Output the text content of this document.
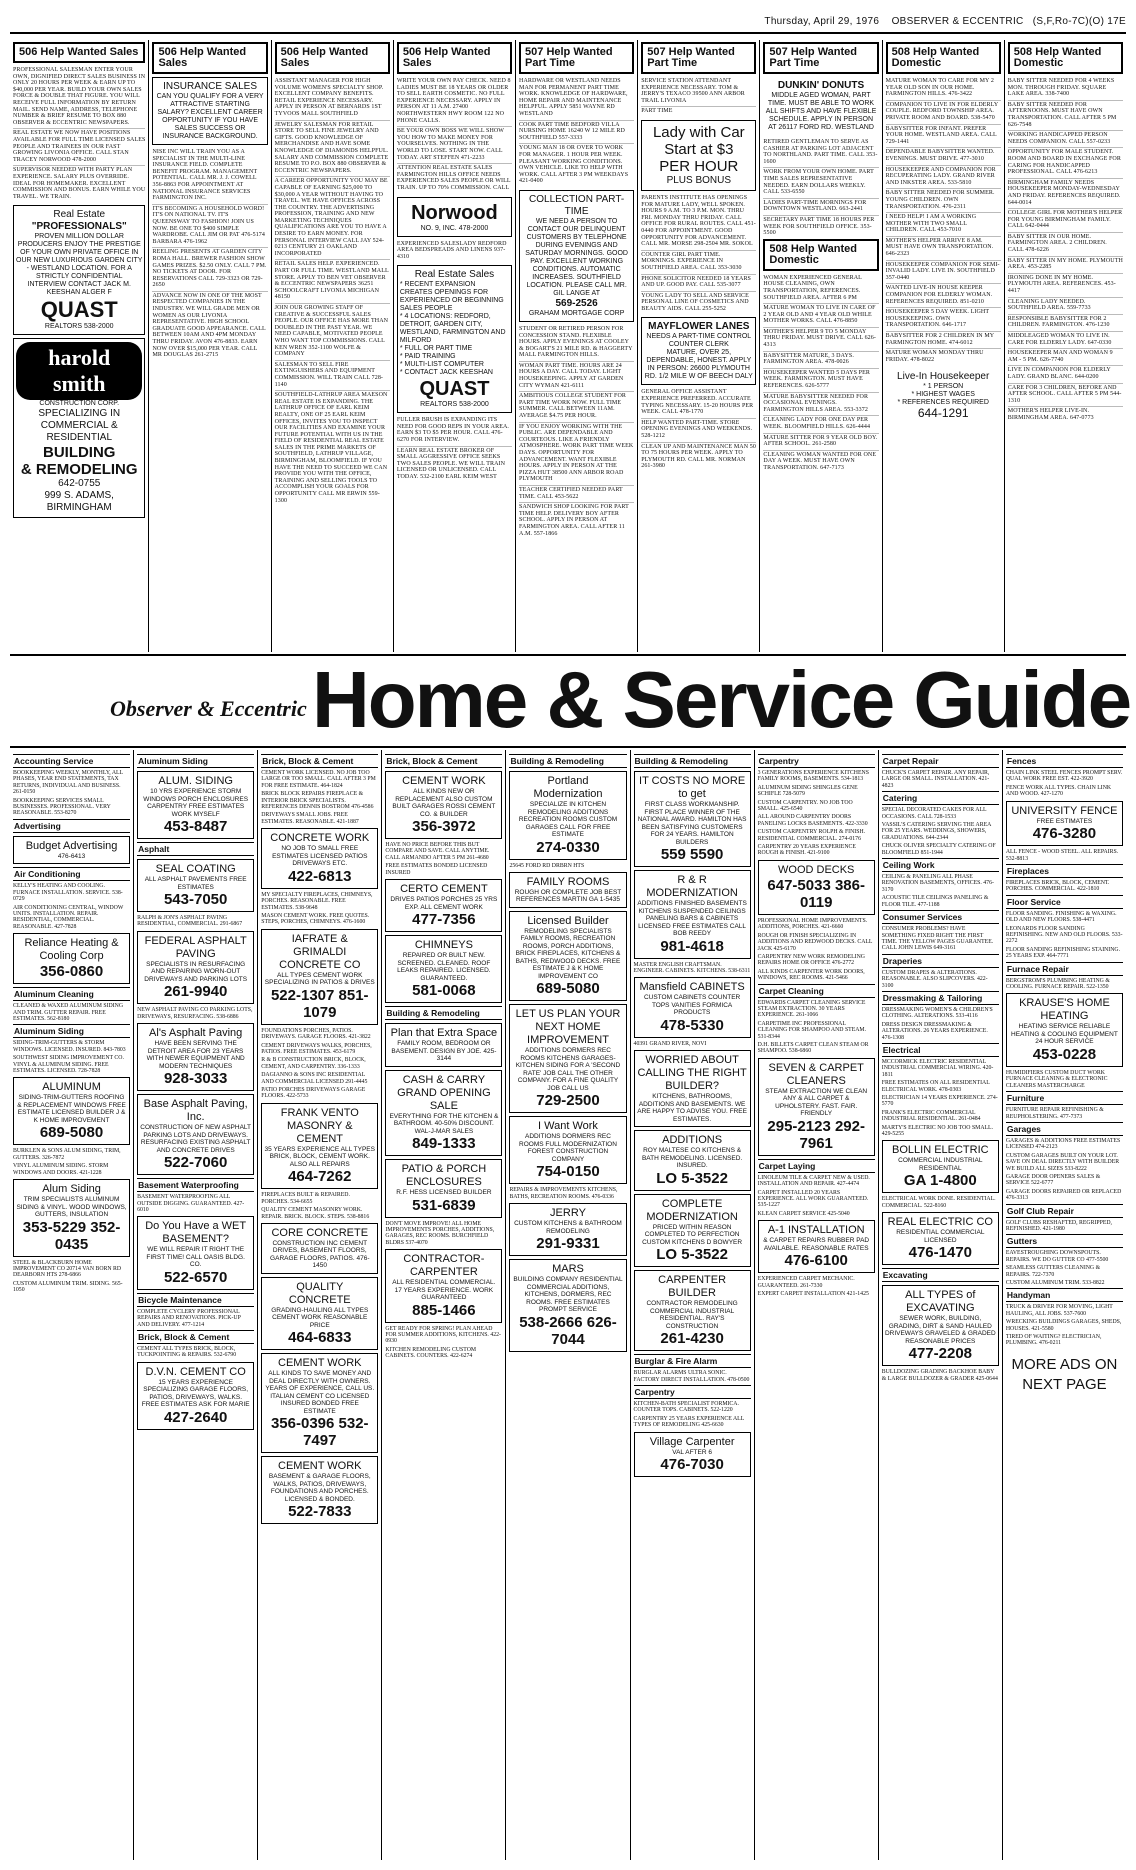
Thursday, April 29, 1976 OBSERVER & ECCENTRIC (S,F,Ro-7C)(O) 17E
506 Help Wanted Sales

PROFESSIONAL SALESMAN ENTER YOUR OWN, DIGNIFIED DIRECT SALES BUSINESS IN ONLY 20 HOURS PER WEEK & EARN UP TO $40,000 PER YEAR. BUILD YOUR OWN SALES FORCE & DOUBLE THAT FIGURE. YOU WILL RECEIVE FULL INFORMATION BY RETURN MAIL. SEND NAME, ADDRESS, TELEPHONE NUMBER & BRIEF RESUME TO BOX 880 OBSERVER & ECCENTRIC NEWSPAPERS.

REAL ESTATE WE NOW HAVE POSITIONS AVAILABLE FOR FULL TIME LICENSED SALES PEOPLE AND TRAINEES IN OUR FAST GROWING LIVONIA OFFICE. CALL STAN TRACEY NORWOOD 478-2000

SUPERVISOR NEEDED WITH PARTY PLAN EXPERIENCE. SALARY PLUS OVERRIDE. IDEAL FOR HOMEMAKER. EXCELLENT COMMISSION AND BONUS. EARN WHILE YOU TRAVEL. WE TRAIN.

Real Estate
"PROFESSIONALS"
PROVEN MILLION DOLLAR PRODUCERS ENJOY THE PRESTIGE OF YOUR OWN PRIVATE OFFICE IN OUR NEW LUXURIOUS GARDEN CITY - WESTLAND LOCATION. FOR A STRICTLY CONFIDENTIAL INTERVIEW CONTACT JACK M. KEESHAN ALGER F
QUAST
REALTORS 538-2000
harold smith
CONSTRUCTION CORP.
SPECIALIZING IN
COMMERCIAL & RESIDENTIAL
BUILDING
& REMODELING
642-0755
999 S. ADAMS, BIRMINGHAM
506 Help Wanted Sales
INSURANCE SALES
CAN YOU QUALIFY FOR A VERY ATTRACTIVE STARTING SALARY? EXCELLENT CAREER OPPORTUNITY IF YOU HAVE SALES SUCCESS OR INSURANCE BACKGROUND.

NISE INC WILL TRAIN YOU AS A SPECIALIST IN THE MULTI-LINE INSURANCE FIELD. COMPLETE BENEFIT PROGRAM. MANAGEMENT POTENTIAL. CALL MR. J. J. COWELL 356-8863 FOR APPOINTMENT AT NATIONAL INSURANCE SERVICES FARMINGTON INC.

IT'S BECOMING A HOUSEHOLD WORD! IT'S ON NATIONAL TV. IT'S QUEENSWAY TO FASHION! JOIN US NOW. BE ONE TO $400 SIMPLE WARDROBE. CALL JIM OR PAT 476-5174 BARBARA 476-1962

REELING PRESENTS AT GARDEN CITY ROMA HALL. BREWER FASHION SHOW GAMES PRIZES. $2.50 ONLY. CALL 7 PM. NO TICKETS AT DOOR. FOR RESERVATIONS CALL 729-3323 OR 729-2650

ADVANCE NOW IN ONE OF THE MOST RESPECTED COMPANIES IN THE INDUSTRY. WE WILL GRADE MEN OR WOMEN AS OUR LIVONIA REPRESENTATIVE. HIGH SCHOOL GRADUATE GOOD APPEARANCE. CALL BETWEEN 10AM AND 4PM MONDAY THRU FRIDAY. AVON 476-8833. EARN NOW OVER $15,000 PER YEAR. CALL MR DOUGLAS 261-2715

506 Help Wanted Sales

ASSISTANT MANAGER FOR HIGH VOLUME WOMEN'S SPECIALTY SHOP. EXCELLENT COMPANY BENEFITS. RETAIL EXPERIENCE NECESSARY. APPLY IN PERSON AT BERNARDS 1ST TYVOOS MALL SOUTHFIELD

JEWELRY SALESMAN FOR RETAIL STORE TO SELL FINE JEWELRY AND GIFTS. GOOD KNOWLEDGE OF MERCHANDISE AND HAVE SOME KNOWLEDGE OF DIAMONDS HELPFUL. SALARY AND COMMISSION COMPLETE RESUME TO P.O. BOX 880 OBSERVER & ECCENTRIC NEWSPAPERS.

A CAREER OPPORTUNITY YOU MAY BE CAPABLE OF EARNING $25,000 TO $30,000 A YEAR WITHOUT HAVING TO TRAVEL. WE HAVE OFFICES ACROSS THE COUNTRY. THE ADVERTISING PROFESSION, TRAINING AND NEW MARKETING TECHNIQUES QUALIFICATIONS ARE YOU TO HAVE A DESIRE TO EARN MONEY. FOR PERSONAL INTERVIEW CALL JAY 524-0213 CENTURY 21 OAKLAND INCORPORATED

RETAIL SALES HELP. EXPERIENCED. PART OR FULL TIME. WESTLAND MALL STORE. APPLY TO BEN VET OBSERVER & ECCENTRIC NEWSPAPERS 36251 SCHOOLCRAFT LIVONIA MICHIGAN 48150

JOIN OUR GROWING STAFF OF CREATIVE & SUCCESSFUL SALES PEOPLE. OUR OFFICE HAS MORE THAN DOUBLED IN THE PAST YEAR. WE NEED CAPABLE, MOTIVATED PEOPLE WHO WANT TOP COMMISSIONS. CALL KEN WREN 352-1100 WOLFE & COMPANY

SALESMAN TO SELL FIRE EXTINGUISHERS AND EQUIPMENT COMMISSION. WILL TRAIN CALL 728-1140

SOUTHFIELD-LATHRUP AREA MAESON REAL ESTATE IS EXPANDING. THE LATHRUP OFFICE OF EARL KEIM REALTY, ONE OF 25 EARL KEIM OFFICES, INVITES YOU TO INSPECT OUR FACILITIES AND EXAMINE YOUR FUTURE POTENTIAL WITH US IN THE FIELD OF RESIDENTIAL REAL ESTATE SALES IN THE PRIME MARKETS OF SOUTHFIELD, LATHRUP VILLAGE, BIRMINGHAM, BLOOMFIELD. IF YOU HAVE THE NEED TO SUCCEED WE CAN PROVIDE YOU WITH THE OFFICE, TRAINING AND SELLING TOOLS TO ACCOMPLISH YOUR GOALS FOR OPPORTUNITY CALL MR ERWIN 559-1300

506 Help Wanted Sales

WRITE YOUR OWN PAY CHECK. NEED 8 LADIES MUST BE 18 YEARS OR OLDER TO SELL EARTH COSMETIC. NO FULL EXPERIENCE NECESSARY. APPLY IN PERSON AT 11 A.M. 27400 NORTHWESTERN HWY ROOM 122 NO PHONE CALLS.

BE YOUR OWN BOSS WE WILL SHOW YOU HOW TO MAKE MONEY FOR YOURSELVES. NOTHING IN THE WORLD TO LOSE. START NOW. CALL TODAY. ART STEFFEN 471-2233

ATTENTION REAL ESTATE SALES FARMINGTON HILLS OFFICE NEEDS EXPERIENCED SALES PEOPLE OR WILL TRAIN. UP TO 70% COMMISSION. CALL

Norwood
NO. 9, INC. 478-2000
EXPERIENCED SALESLADY REDFORD AREA BEDSPREADS AND LINENS 937-4310
Real Estate Sales
* RECENT EXPANSION CREATES OPENINGS FOR EXPERIENCED OR BEGINNING SALES PEOPLE
* 4 LOCATIONS: REDFORD, DETROIT, GARDEN CITY, WESTLAND, FARMINGTON AND MILFORD
* FULL OR PART TIME
* PAID TRAINING
* MULTI-LIST COMPUTER
* CONTACT JACK KEESHAN
QUAST
REALTORS 538-2000

FULLER BRUSH IS EXPANDING ITS NEED FOR GOOD REPS IN YOUR AREA. EARN $3 TO $5 PER HOUR. CALL 476-6270 FOR INTERVIEW.

LEARN REAL ESTATE BROKER OF SMALL AGGRESSIVE OFFICE SEEKS TWO SALES PEOPLE. WE WILL TRAIN LICENSED OR UNLICENSED. CALL TODAY. 532-2100 EARL KEIM WEST

507 Help Wanted Part Time

HARDWARE OR WESTLAND NEEDS MAN FOR PERMANENT PART TIME WORK. KNOWLEDGE OF HARDWARE, HOME REPAIR AND MAINTENANCE HELPFUL. APPLY 5851 WAYNE RD WESTLAND

COOK PART TIME BEDFORD VILLA NURSING HOME 16240 W 12 MILE RD SOUTHFIELD 557-3333

YOUNG MAN 18 OR OVER TO WORK FOR MANAGER. 1 HOUR PER WEEK. PLEASANT WORKING CONDITIONS. OWN VEHICLE. LIKE TO HELP WITH WORK. CALL AFTER 3 PM WEEKDAYS 421-0400

COLLECTION PART-TIME
WE NEED A PERSON TO CONTACT OUR DELINQUENT CUSTOMERS BY TELEPHONE DURING EVENINGS AND SATURDAY MORNINGS. GOOD PAY. EXCELLENT WORKING CONDITIONS. AUTOMATIC INCREASES. SOUTHFIELD LOCATION. PLEASE CALL MR. GIL LANGE AT
569-2526
GRAHAM MORTGAGE CORP

STUDENT OR RETIRED PERSON FOR CONCESSION STAND. FLEXIBLE HOURS. APPLY EVENINGS AT COOLEY & BOGART'S 21 MILE RD. & HAGGERTY MALL FARMINGTON HILLS.

WOMAN PART TIME. HOURS ARE 24 HOURS A DAY. CALL TODAY. LIGHT HOUSEKEEPING. APPLY AT GARDEN CITY WYMAN 421-6111

AMBITIOUS COLLEGE STUDENT FOR PART TIME WORK NOW. FULL TIME SUMMER. CALL BETWEEN 11AM. AVERAGE $4.75 PER HOUR.

IF YOU ENJOY WORKING WITH THE PUBLIC. ARE DEPENDABLE AND COURTEOUS. LIKE A FRIENDLY ATMOSPHERE. WORK PART TIME WEEK DAYS. OPPORTUNITY FOR ADVANCEMENT. WANT FLEXIBLE HOURS. APPLY IN PERSON AT THE PIZZA HUT 38500 ANN ARBOR ROAD PLYMOUTH

TEACHER CERTIFIED NEEDED PART TIME. CALL 453-5622

SANDWICH SHOP LOOKING FOR PART TIME HELP. DELIVERY BOY AFTER SCHOOL. APPLY IN PERSON AT FARMINGTON AREA. CALL AFTER 11 A.M. 557-1866

507 Help Wanted Part Time

SERVICE STATION ATTENDANT EXPERIENCE NECESSARY. TOM & JERRY'S TEXACO 39500 ANN ARBOR TRAIL LIVONIA

PART TIME

Lady with Car
Start at $3
PER HOUR
PLUS BONUS

PARENTS INSTITUTE HAS OPENINGS FOR MATURE LADY, WELL SPOKEN. HOURS 9 A.M. TO 3 P.M. MON. THRU FRI. MONDAY THRU FRIDAY. CALL OFFICE FOR RURAL ROUTES. CALL 451-0440 FOR APPOINTMENT. GOOD OPPORTUNITY FOR ADVANCEMENT. CALL MR. MORSE 298-2504 MR. SOKOL

COUNTER GIRL PART TIME. MORNINGS. EXPERIENCE IN SOUTHFIELD AREA. CALL 353-3030

PHONE SOLICITOR NEEDED 18 YEARS AND UP. GOOD PAY. CALL 535-3077

YOUNG LADY TO SELL AND SERVICE PERSONAL LINE OF COSMETICS AND BEAUTY AIDS. CALL 255-5252

MAYFLOWER LANES
NEEDS A PART-TIME CONTROL COUNTER CLERK
MATURE, OVER 25, DEPENDABLE, HONEST. APPLY IN PERSON: 26600 PLYMOUTH RD. 1/2 MILE W OF BEECH DALY

GENERAL OFFICE ASSISTANT EXPERIENCE PREFERRED. ACCURATE TYPING NECESSARY. 15-20 HOURS PER WEEK. CALL 478-1770

HELP WANTED PART-TIME. STORE OPENING EVENINGS AND WEEKENDS. 528-1212

CLEAN UP AND MAINTENANCE MAN 50 TO 75 HOURS PER WEEK. APPLY TO PLYMOUTH RD. CALL MR. NORMAN 261-3980

507 Help Wanted Part Time
DUNKIN' DONUTS
MIDDLE AGED WOMAN, PART TIME. MUST BE ABLE TO WORK ALL SHIFTS AND HAVE FLEXIBLE SCHEDULE. APPLY IN PERSON AT 26117 FORD RD. WESTLAND

RETIRED GENTLEMAN TO SERVE AS CASHIER AT PARKING LOT ADJACENT TO NORTHLAND. PART TIME. CALL 353-1600

WORK FROM YOUR OWN HOME. PART TIME SALES REPRESENTATIVE NEEDED. EARN DOLLARS WEEKLY. CALL 533-6550

LADIES PART-TIME MORNINGS FOR DOWNTOWN WESTLAND. 663-2441

SECRETARY PART TIME 18 HOURS PER WEEK FOR SOUTHFIELD OFFICE. 353-5500

508 Help Wanted Domestic

WOMAN EXPERIENCED GENERAL HOUSE CLEANING, OWN TRANSPORTATION, REFERENCES. SOUTHFIELD AREA. AFTER 6 PM

MATURE WOMAN TO LIVE IN CARE OF 2 YEAR OLD AND 4 YEAR OLD WHILE MOTHER WORKS. CALL 476-8850

MOTHER'S HELPER 9 TO 5 MONDAY THRU FRIDAY. MUST DRIVE. CALL 626-4313

BABYSITTER MATURE, 3 DAYS. FARMINGTON AREA. 478-0026

HOUSEKEEPER WANTED 5 DAYS PER WEEK. FARMINGTON. MUST HAVE REFERENCES. 626-5777

MATURE BABYSITTER NEEDED FOR OCCASIONAL EVENINGS. FARMINGTON HILLS AREA. 553-3372

CLEANING LADY FOR ONE DAY PER WEEK. BLOOMFIELD HILLS. 626-4444

MATURE SITTER FOR 9 YEAR OLD BOY. AFTER SCHOOL. 261-2580

CLEANING WOMAN WANTED FOR ONE DAY A WEEK. MUST HAVE OWN TRANSPORTATION. 647-7173

508 Help Wanted Domestic

MATURE WOMAN TO CARE FOR MY 2 YEAR OLD SON IN OUR HOME. FARMINGTON HILLS. 476-3422

COMPANION TO LIVE IN FOR ELDERLY COUPLE. REDFORD TOWNSHIP AREA. PRIVATE ROOM AND BOARD. 538-5470

BABYSITTER FOR INFANT. PREFER YOUR HOME. WESTLAND AREA. CALL 729-1441

DEPENDABLE BABYSITTER WANTED. EVENINGS. MUST DRIVE. 477-3010

HOUSEKEEPER AND COMPANION FOR RECUPERATING LADY. GRAND RIVER AND INKSTER AREA. 533-5810

BABY SITTER NEEDED FOR SUMMER. YOUNG CHILDREN. OWN TRANSPORTATION. 476-2311

I NEED HELP! I AM A WORKING MOTHER WITH TWO SMALL CHILDREN. CALL 453-7010

MOTHER'S HELPER ARRIVE 8 AM. MUST HAVE OWN TRANSPORTATION. 646-2323

HOUSEKEEPER COMPANION FOR SEMI-INVALID LADY. LIVE IN. SOUTHFIELD 357-0440

WANTED LIVE-IN HOUSE KEEPER COMPANION FOR ELDERLY WOMAN. REFERENCES REQUIRED. 851-0210

HOUSEKEEPER 5 DAY WEEK. LIGHT HOUSEKEEPING. OWN TRANSPORTATION. 646-1717

BABYSITTER FOR 2 CHILDREN IN MY FARMINGTON HOME. 474-6012

MATURE WOMAN MONDAY THRU FRIDAY. 478-8022

Live-In Housekeeper
* 1 PERSON
* HIGHEST WAGES
* REFERENCES REQUIRED
644-1291
508 Help Wanted Domestic

BABY SITTER NEEDED FOR 4 WEEKS MON. THROUGH FRIDAY. SQUARE LAKE AREA. 338-7400

BABY SITTER NEEDED FOR AFTERNOONS. MUST HAVE OWN TRANSPORTATION. CALL AFTER 5 PM 626-7548

WORKING HANDICAPPED PERSON NEEDS COMPANION. CALL 557-0233

OPPORTUNITY FOR MALE STUDENT. ROOM AND BOARD IN EXCHANGE FOR CARING FOR HANDICAPPED PROFESSIONAL. CALL 476-6213

BIRMINGHAM FAMILY NEEDS HOUSEKEEPER MONDAY-WEDNESDAY AND FRIDAY. REFERENCES REQUIRED. 644-0014

COLLEGE GIRL FOR MOTHER'S HELPER FOR YOUNG BIRMINGHAM FAMILY. CALL 642-0444

BABY SITTER IN OUR HOME. FARMINGTON AREA. 2 CHILDREN. CALL 478-6226

BABY SITTER IN MY HOME. PLYMOUTH AREA. 453-2285

IRONING DONE IN MY HOME. PLYMOUTH AREA. REFERENCES. 453-4417

CLEANING LADY NEEDED. SOUTHFIELD AREA. 559-7733

RESPONSIBLE BABYSITTER FOR 2 CHILDREN. FARMINGTON. 476-1230

MIDDLEAGED WOMAN TO LIVE IN. CARE FOR ELDERLY LADY. 647-0330

HOUSEKEEPER MAN AND WOMAN 9 AM - 5 PM. 626-7740

LIVE IN COMPANION FOR ELDERLY LADY. GRAND BLANC. 644-0200

CARE FOR 3 CHILDREN, BEFORE AND AFTER SCHOOL. CALL AFTER 5 PM 544-1310

MOTHER'S HELPER LIVE-IN. BIRMINGHAM AREA. 647-0773

Observer & Eccentric Home & Service Guide
Accounting Service

BOOKKEEPING WEEKLY, MONTHLY, ALL PHASES, YEAR END STATEMENTS, TAX RETURNS, INDIVIDUAL AND BUSINESS. 261-0150

BOOKKEEPING SERVICES SMALL BUSINESSES. PROFESSIONAL. VERY REASONABLE. 553-8270

Advertising
Budget Advertising
476-6413
Air Conditioning

KELLY'S HEATING AND COOLING. FURNACE INSTALLATION. SERVICE. 538-0729

AIR CONDITIONING CENTRAL, WINDOW UNITS. INSTALLATION. REPAIR. RESIDENTIAL, COMMERCIAL. REASONABLE. 427-7828

Reliance Heating & Cooling Corp
356-0860
Aluminum Cleaning

CLEANED & WAXED ALUMINUM SIDING AND TRIM. GUTTER REPAIR. FREE ESTIMATES. 562-8180

Aluminum Siding

SIDING-TRIM-GUTTERS & STORM WINDOWS. LICENSED. INSURED. 843-7803

SOUTHWEST SIDING IMPROVEMENT CO. VINYL & ALUMINUM SIDING. FREE ESTIMATES. LICENSED. 728-7828

ALUMINUM
SIDING-TRIM-GUTTERS ROOFING & REPLACEMENT WINDOWS FREE ESTIMATE LICENSED BUILDER J & K HOME IMPROVEMENT
689-5080

BURKLEN & SONS ALUM SIDING, TRIM, GUTTERS. 326-7872

VINYL ALUMINUM SIDING. STORM WINDOWS AND DOORS. 421-1228

Alum Siding
TRIM SPECIALISTS ALUMINUM SIDING & VINYL. WOOD WINDOWS, GUTTERS, INSULATION
353-5229 352-0435

STEEL & BLACKBURN HOME IMPROVEMENT CO 20714 VAN BORN RD DEARBORN HTS 278-6866

CUSTOM ALUMINUM TRIM. SIDING. 565-1050

Aluminum Siding
ALUM. SIDING
10 YRS EXPERIENCE STORM WINDOWS PORCH ENCLOSURES CARPENTRY FREE ESTIMATES WORK MYSELF
453-8487
Asphalt
SEAL COATING
ALL ASPHALT PAVEMENTS FREE ESTIMATES
543-7050

RALPH & JON'S ASPHALT PAVING RESIDENTIAL, COMMERCIAL. 291-6867

FEDERAL ASPHALT PAVING
SPECIALISTS IN RESURFACING AND REPAIRING WORN-OUT DRIVEWAYS AND PARKING LOTS
261-9940

NEW ASPHALT PAVING CO PARKING LOTS, DRIVEWAYS, RESURFACING. 538-6886

Al's Asphalt Paving
HAVE BEEN SERVING THE DETROIT AREA FOR 23 YEARS WITH NEWER EQUIPMENT AND MODERN TECHNIQUES
928-3033
Base Asphalt Paving, Inc.
CONSTRUCTION OF NEW ASPHALT PARKING LOTS AND DRIVEWAYS. RESURFACING EXISTING ASPHALT AND CONCRETE DRIVES
522-7060
Basement Waterproofing

BASEMENT WATERPROOFING ALL OUTSIDE DIGGING. GUARANTEED. 427-6010

Do You Have a WET BASEMENT?
WE WILL REPAIR IT RIGHT THE FIRST TIME! CALL OASIS BLDG. CO.
522-6570
Bicycle Maintenance

COMPLETE CYCLERY PROFESSIONAL REPAIRS AND RENOVATIONS. PICK-UP AND DELIVERY. 477-1214

Brick, Block & Cement

CEMENT ALL TYPES BRICK, BLOCK, TUCKPOINTING & REPAIRS. 532-6790

D.V.N. CEMENT CO
15 YEARS EXPERIENCE SPECIALIZING GARAGE FLOORS, PATIOS, DRIVEWAYS, WALKS. FREE ESTIMATES ASK FOR MARIE
427-2640
Brick, Block & Cement

CEMENT WORK LICENSED. NO JOB TOO LARGE OR TOO SMALL. CALL AFTER 3 PM FOR FREE ESTIMATE. 464-1824

BRICK BLOCK REPAIRS FIREPLACE & INTERIOR BRICK SPECIALISTS. REFERENCES DENNIS BOSTROM 476-4586

DRIVEWAYS SMALL JOBS. FREE ESTIMATES. REASONABLE. 421-1887

CONCRETE WORK
NO JOB TO SMALL FREE ESTIMATES LICENSED PATIOS DRIVEWAYS ETC.
422-6813

MY SPECIALTY FIREPLACES, CHIMNEYS, PORCHES. REASONABLE. FREE ESTIMATES. 538-9648

MASON CEMENT WORK. FREE QUOTES. STEPS, PORCHES, CHIMNEYS. 476-1600

IAFRATE & GRIMALDI CONCRETE CO
ALL TYPES CEMENT WORK SPECIALIZING IN PATIOS & DRIVES
522-1307 851-1079

FOUNDATIONS PORCHES, PATIOS. DRIVEWAYS. GARAGE FLOORS. 421-3822

CEMENT DRIVEWAYS WALKS, PORCHES, PATIOS. FREE ESTIMATES. 453-6179

R & B CONSTRUCTION BRICK, BLOCK, CEMENT, AND CARPENTRY. 336-1333

DAGIANNO & SONS INC RESIDENTIAL AND COMMERCIAL LICENSED 291-4445

PATIO PORCHES DRIVEWAYS GARAGE FLOORS. 422-5733

FRANK VENTO MASONRY & CEMENT
35 YEARS EXPERIENCE ALL TYPES BRICK, BLOCK, CEMENT WORK. ALSO ALL REPAIRS
464-7262

FIREPLACES BUILT & REPAIRED. PORCHES. 534-6655

QUALITY CEMENT MASONRY WORK. REPAIR. BRICK. BLOCK. STEPS. 538-8816

CORE CONCRETE
CONSTRUCTION INC CEMENT DRIVES, BASEMENT FLOORS, GARAGE FLOORS, PATIOS. 476-1450
QUALITY CONCRETE
GRADING-HAULING ALL TYPES CEMENT WORK REASONABLE PRICE
464-6833
CEMENT WORK
ALL KINDS TO SAVE MONEY AND DEAL DIRECTLY WITH OWNERS. YEARS OF EXPERIENCE, CALL US. ITALIAN CEMENT CO LICENSED INSURED BONDED FREE ESTIMATE
356-0396 532-7497
CEMENT WORK
BASEMENT & GARAGE FLOORS, WALKS, PATIOS, DRIVEWAYS, FOUNDATIONS AND PORCHES. LICENSED & BONDED.
522-7833
Brick, Block & Cement
CEMENT WORK
ALL KINDS NEW OR REPLACEMENT ALSO CUSTOM BUILT GARAGES ROSSI CEMENT CO. & BUILDER
356-3972

HAVE NO PRICE BEFORE THIS BUT COMPARE AND SAVE. CALL ANYTIME. CALL ARMANDO AFTER 5 PM 261-4680

FREE ESTIMATES BONDED LICENSED INSURED

CERTO CEMENT
DRIVES PATIOS PORCHES 25 YRS EXP. ALL CEMENT WORK
477-7356
CHIMNEYS
REPAIRED OR BUILT NEW. SCREENED. CLEANED. ROOF LEAKS REPAIRED. LICENSED. GUARANTEED.
581-0068
Building & Remodeling
Plan that Extra Space
FAMILY ROOM, BEDROOM OR BASEMENT. DESIGN BY JOE. 425-3144
CASH & CARRY GRAND OPENING SALE
EVERYTHING FOR THE KITCHEN & BATHROOM. 40-50% DISCOUNT. WAL-J-MAR SALES
849-1333
PATIO & PORCH ENCLOSURES
R.F. HESS LICENSED BUILDER
531-6839

DON'T MOVE IMPROVE! ALL HOME IMPROVEMENTS PORCHES, ADDITIONS, GARAGES, REC ROOMS. BURCHFIELD BLDRS 537-4070

CONTRACTOR-CARPENTER
ALL RESIDENTIAL COMMERCIAL. 17 YEARS EXPERIENCE. WORK GUARANTEED
885-1466

GET READY FOR SPRING! PLAN AHEAD FOR SUMMER ADDITIONS, KITCHENS. 422-0930

KITCHEN REMODELING CUSTOM CABINETS. COUNTERS. 422-6274

Building & Remodeling
Portland Modernization
SPECIALIZE IN KITCHEN REMODELING ADDITIONS RECREATION ROOMS CUSTOM GARAGES CALL FOR FREE ESTIMATE
274-0330

25645 FORD RD DRBRN HTS

FAMILY ROOMS
ROUGH OR COMPLETE JOB BEST REFERENCES MARTIN GA 1-5435
Licensed Builder
REMODELING SPECIALISTS FAMILY ROOMS, RECREATION ROOMS, PORCH ADDITIONS, BRICK FIREPLACES, KITCHENS & BATHS, REDWOOD DECKS. FREE ESTIMATE J & K HOME IMPROVEMENT CO
689-5080
LET US PLAN YOUR NEXT HOME IMPROVEMENT
ADDITIONS DORMERS REC ROOMS KITCHENS GARAGES-KITCHEN SIDING FOR A 'SECOND RATE' JOB CALL THE OTHER COMPANY. FOR A FINE QUALITY JOB CALL US
729-2500
I Want Work
ADDITIONS DORMERS REC ROOMS FULL MODERNIZATION FOREST CONSTRUCTION COMPANY
754-0150

REPAIRS & IMPROVEMENTS KITCHENS, BATHS, RECREATION ROOMS. 476-0336

JERRY
CUSTOM KITCHENS & BATHROOM REMODELING
291-9331
MARS
BUILDING COMPANY RESIDENTIAL COMMERCIAL ADDITIONS, KITCHENS, DORMERS, REC ROOMS. FREE ESTIMATES PROMPT SERVICE
538-2666 626-7044
Building & Remodeling
IT COSTS NO MORE to get
FIRST CLASS WORKMANSHIP. FIRST PLACE WINNER OF THE NATIONAL AWARD. HAMILTON HAS BEEN SATISFYING CUSTOMERS FOR 24 YEARS. HAMILTON BUILDERS
559 5590
R & R MODERNIZATION
ADDITIONS FINISHED BASEMENTS KITCHENS SUSPENDED CEILINGS PANELING BARS & CABINETS LICENSED FREE ESTIMATES CALL BOB REEDY
981-4618

MASTER ENGLISH CRAFTSMAN. ENGINEER. CABINETS. KITCHENS. 538-6311

Mansfield CABINETS
CUSTOM CABINETS COUNTER TOPS VANITIES FORMICA PRODUCTS
478-5330

40391 GRAND RIVER, NOVI

WORRIED ABOUT CALLING THE RIGHT BUILDER?
KITCHENS, BATHROOMS, ADDITIONS AND BASEMENTS. WE ARE HAPPY TO ADVISE YOU. FREE ESTIMATES.
ADDITIONS
ROY MALTESE CO KITCHENS & BATH REMODELING. LICENSED. INSURED.
LO 5-3522
COMPLETE MODERNIZATION
PRICED WITHIN REASON COMPLETED TO PERFECTION CUSTOM KITCHENS D BOWYER
LO 5-3522
CARPENTER BUILDER
CONTRACTOR REMODELING COMMERCIAL INDUSTRIAL RESIDENTIAL. RAY'S CONSTRUCTION
261-4230
Burglar & Fire Alarm

BURGLAR ALARMS ULTRA SONIC. FACTORY DIRECT INSTALLATION. 478-0500

Carpentry

KITCHEN-BATH SPECIALIST FORMICA. COUNTER TOPS. CABINETS. 522-1220

CARPENTRY 25 YEARS EXPERIENCE ALL TYPES OF REMODELING 425-6630

Village Carpenter
VAL AFTER 6
476-7030
Carpentry

3 GENERATIONS EXPERIENCE KITCHENS FAMILY ROOMS, BASEMENTS. 534-1813

ALUMINUM SIDING SHINGLES GENE SCHIFLE 728-5079

CUSTOM CARPENTRY. NO JOB TOO SMALL. 425-6540

ALL AROUND CARPENTRY DOORS PANELING LOCKS BASEMENTS. 422-3330

CUSTOM CARPENTRY ROLPH & FINISH. RESIDENTIAL COMMERCIAL. 274-0176

CARPENTRY 20 YEARS EXPERIENCE ROUGH & FINISH. 421-9100

WOOD DECKS
647-5033 386-0119

PROFESSIONAL HOME IMPROVEMENTS. ADDITIONS, PORCHES. 421-6660

ROUGH OR FINISH SPECIALIZING IN ADDITIONS AND REDWOOD DECKS. CALL JACK 425-6170

CARPENTRY NEW WORK REMODELING REPAIRS HOME OR OFFICE 476-2772

ALL KINDS CARPENTER WORK DOORS, WINDOWS, REC ROOMS. 421-5466

Carpet Cleaning

EDWARDS CARPET CLEANING SERVICE STEAM EXTRACTION. 30 YEARS EXPERIENCE. 261-1066

CARPETIME INC PROFESSIONAL CLEANING FOR SHAMPOO AND STEAM. 531-8344

D.H. BILLETS CARPET CLEAN STEAM OR SHAMPOO. 538-6860

SEVEN & CARPET CLEANERS
STEAM EXTRACTION WE CLEAN ANY & ALL CARPET & UPHOLSTERY. FAST. FAIR. FRIENDLY
295-2123 292-7961
Carpet Laying

LINOLEUM TILE & CARPET NEW & USED. INSTALLATION AND REPAIR. 427-4474

CARPET INSTALLED 20 YEARS EXPERIENCE. ALL WORK GUARANTEED. 535-1227

KLEAN CARPET SERVICE 425-5040

A-1 INSTALLATION
& CARPET REPAIRS RUBBER PAD AVAILABLE. REASONABLE RATES
476-6100

EXPERIENCED CARPET MECHANIC. GUARANTEED. 261-7330

EXPERT CARPET INSTALLATION 421-1425

Carpet Repair

CHUCK'S CARPET REPAIR. ANY REPAIR, LARGE OR SMALL. INSTALLATION. 421-4823

Catering

SPECIAL DECORATED CAKES FOR ALL OCCASIONS. CALL 728-1533

VASSIL'S CATERING SERVING THE AREA FOR 25 YEARS. WEDDINGS, SHOWERS, GRADUATIONS. 644-2344

CHUCK OLIVER SPECIALTY CATERING OF BLOOMFIELD 851-1944

Ceiling Work

CEILING & PANELING ALL PHASE RENOVATION BASEMENTS, OFFICES. 476-3170

ACOUSTIC TILE CEILINGS PANELING & FLOOR TILE. 477-1188

Consumer Services

CONSUMER PROBLEMS? HAVE SOMETHING FIXED RIGHT THE FIRST TIME. THE YELLOW PAGES GUARANTEE. CALL JOHN LEWIS 649-3161

Draperies

CUSTOM DRAPES & ALTERATIONS. REASONABLE. ALSO SLIPCOVERS. 422-3100

Dressmaking & Tailoring

DRESSMAKING WOMEN'S & CHILDREN'S CLOTHING. ALTERATIONS. 533-4116

DRESS DESIGN DRESSMAKING & ALTERATIONS. 26 YEARS EXPERIENCE. 476-1308

Electrical

MCCORMICK ELECTRIC RESIDENTIAL INDUSTRIAL COMMERCIAL WIRING. 420-1811

FREE ESTIMATES ON ALL RESIDENTIAL ELECTRICAL WORK. 478-0303

ELECTRICIAN 14 YEARS EXPERIENCE. 274-5770

FRANK'S ELECTRIC COMMERCIAL INDUSTRIAL RESIDENTIAL. 261-0484

MARTY'S ELECTRIC NO JOB TOO SMALL. 429-5255

BOLLIN ELECTRIC
COMMERCIAL INDUSTRIAL RESIDENTIAL
GA 1-4800

ELECTRICAL WORK DONE. RESIDENTIAL. COMMERCIAL. 522-8160

REAL ELECTRIC CO
RESIDENTIAL COMMERCIAL LICENSED
476-1470
Excavating
ALL TYPES of EXCAVATING
SEWER WORK, BUILDING, GRADING, DIRT & SAND HAULED DRIVEWAYS GRAVELED & GRADED REASONABLE PRICES
477-2208

BULLDOZING GRADING BACKHOE BABY & LARGE BULLDOZER & GRADER 425-0644

Fences

CHAIN LINK STEEL FENCES PROMPT SERV. QUAL WORK FREE EST. 422-3920

FENCE WORK ALL TYPES. CHAIN LINK AND WOOD. 427-1270

UNIVERSITY FENCE
FREE ESTIMATES
476-3280

ALL FENCE - WOOD STEEL. ALL REPAIRS. 532-8813

Fireplaces

FIREPLACES BRICK, BLOCK, CEMENT. PORCHES. COMMERCIAL. 422-1810

Floor Service

FLOOR SANDING. FINISHING & WAXING. OLD AND NEW FLOORS. 538-4471

LEONARDS FLOOR SANDING REFINISHING. NEW AND OLD FLOORS. 533-2272

FLOOR SANDING REFINISHING STAINING. 25 YEARS EXP. 464-7771

Furnace Repair

BERGSTROM'S PLUMBING HEATING & COOLING. FURNACE REPAIR. 522-1350

KRAUSE'S HOME HEATING
HEATING SERVICE RELIABLE HEATING & COOLING EQUIPMENT 24 HOUR SERVICE
453-0228

HUMIDIFIERS CUSTOM DUCT WORK FURNACE CLEANING & ELECTRONIC CLEANERS MASTERCHARGE

Furniture

FURNITURE REPAIR REFINISHING & REUPHOLSTERING. 477-7373

Garages

GARAGES & ADDITIONS FREE ESTIMATES LICENSED 474-2123

CUSTOM GARAGES BUILT ON YOUR LOT. SAVE ON DEAL DIRECTLY WITH BUILDER WE BUILD ALL SIZES 533-8222

GARAGE DOOR OPENERS SALES & SERVICE 522-6777

GARAGE DOORS REPAIRED OR REPLACED 476-3313

Golf Club Repair

GOLF CLUBS RESHAFTED, REGRIPPED, REFINISHED. 421-1980

Gutters

EAVESTROUGHING DOWNSPOUTS. REPAIRS. WE DO GUTTER CO 477-5500

SEAMLESS GUTTERS CLEANING & REPAIRS. 722-7370

CUSTOM ALUMINUM TRIM. 533-8822

Handyman

TRUCK & DRIVER FOR MOVING, LIGHT HAULING, ALL JOBS. 537-7600

WRECKING BUILDINGS GARAGES, SHEDS, HOUSES. 421-5580

TIRED OF WAITING? ELECTRICIAN, PLUMBING. 476-0211

MORE ADS ON NEXT PAGE
